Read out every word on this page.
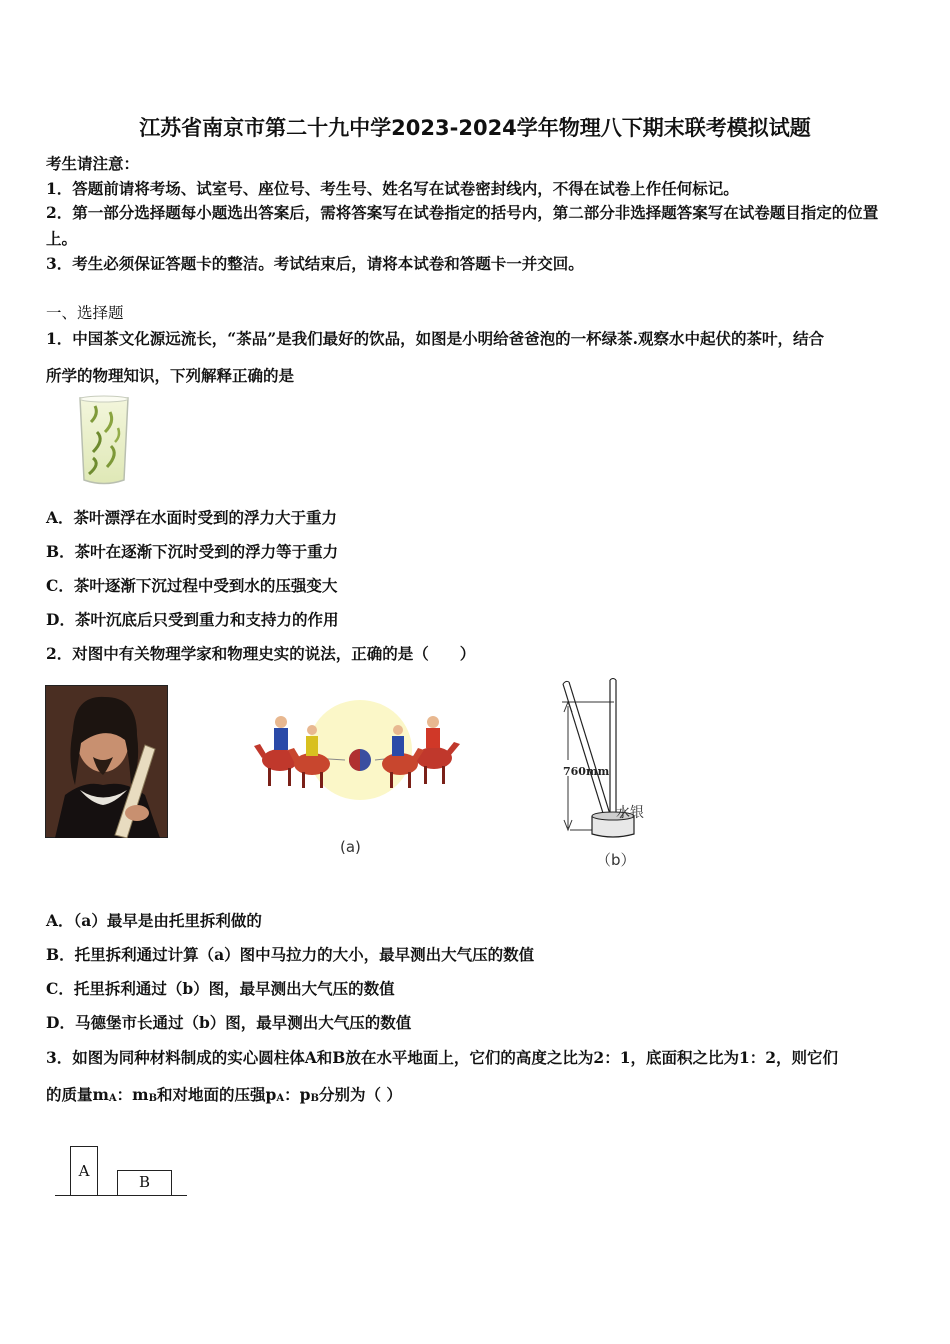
江苏省南京市第二十九中学2023-2024学年物理八下期末联考模拟试题
考生请注意：
1．答题前请将考场、试室号、座位号、考生号、姓名写在试卷密封线内，不得在试卷上作任何标记。
2．第一部分选择题每小题选出答案后，需将答案写在试卷指定的括号内，第二部分非选择题答案写在试卷题目指定的位置上。
3．考生必须保证答题卡的整洁。考试结束后，请将本试卷和答题卡一并交回。
一、选择题
1．中国茶文化源远流长，“茶品”是我们最好的饮品，如图是小明给爸爸泡的一杯绿茶.观察水中起伏的茶叶，结合
所学的物理知识，下列解释正确的是
A．茶叶漂浮在水面时受到的浮力大于重力
B．茶叶在逐渐下沉时受到的浮力等于重力
C．茶叶逐渐下沉过程中受到水的压强变大
D．茶叶沉底后只受到重力和支持力的作用
2．对图中有关物理学家和物理史实的说法，正确的是（　　）
(a)
760mm
水银
（b）
A．（a）最早是由托里拆利做的
B．托里拆利通过计算（a）图中马拉力的大小，最早测出大气压的数值
C．托里拆利通过（b）图，最早测出大气压的数值
D．马德堡市长通过（b）图，最早测出大气压的数值
3．如图为同种材料制成的实心圆柱体A和B放在水平地面上，它们的高度之比为2：1，底面积之比为1：2，则它们
的质量mA：mB和对地面的压强pA：pB分别为（ ）
A
B
